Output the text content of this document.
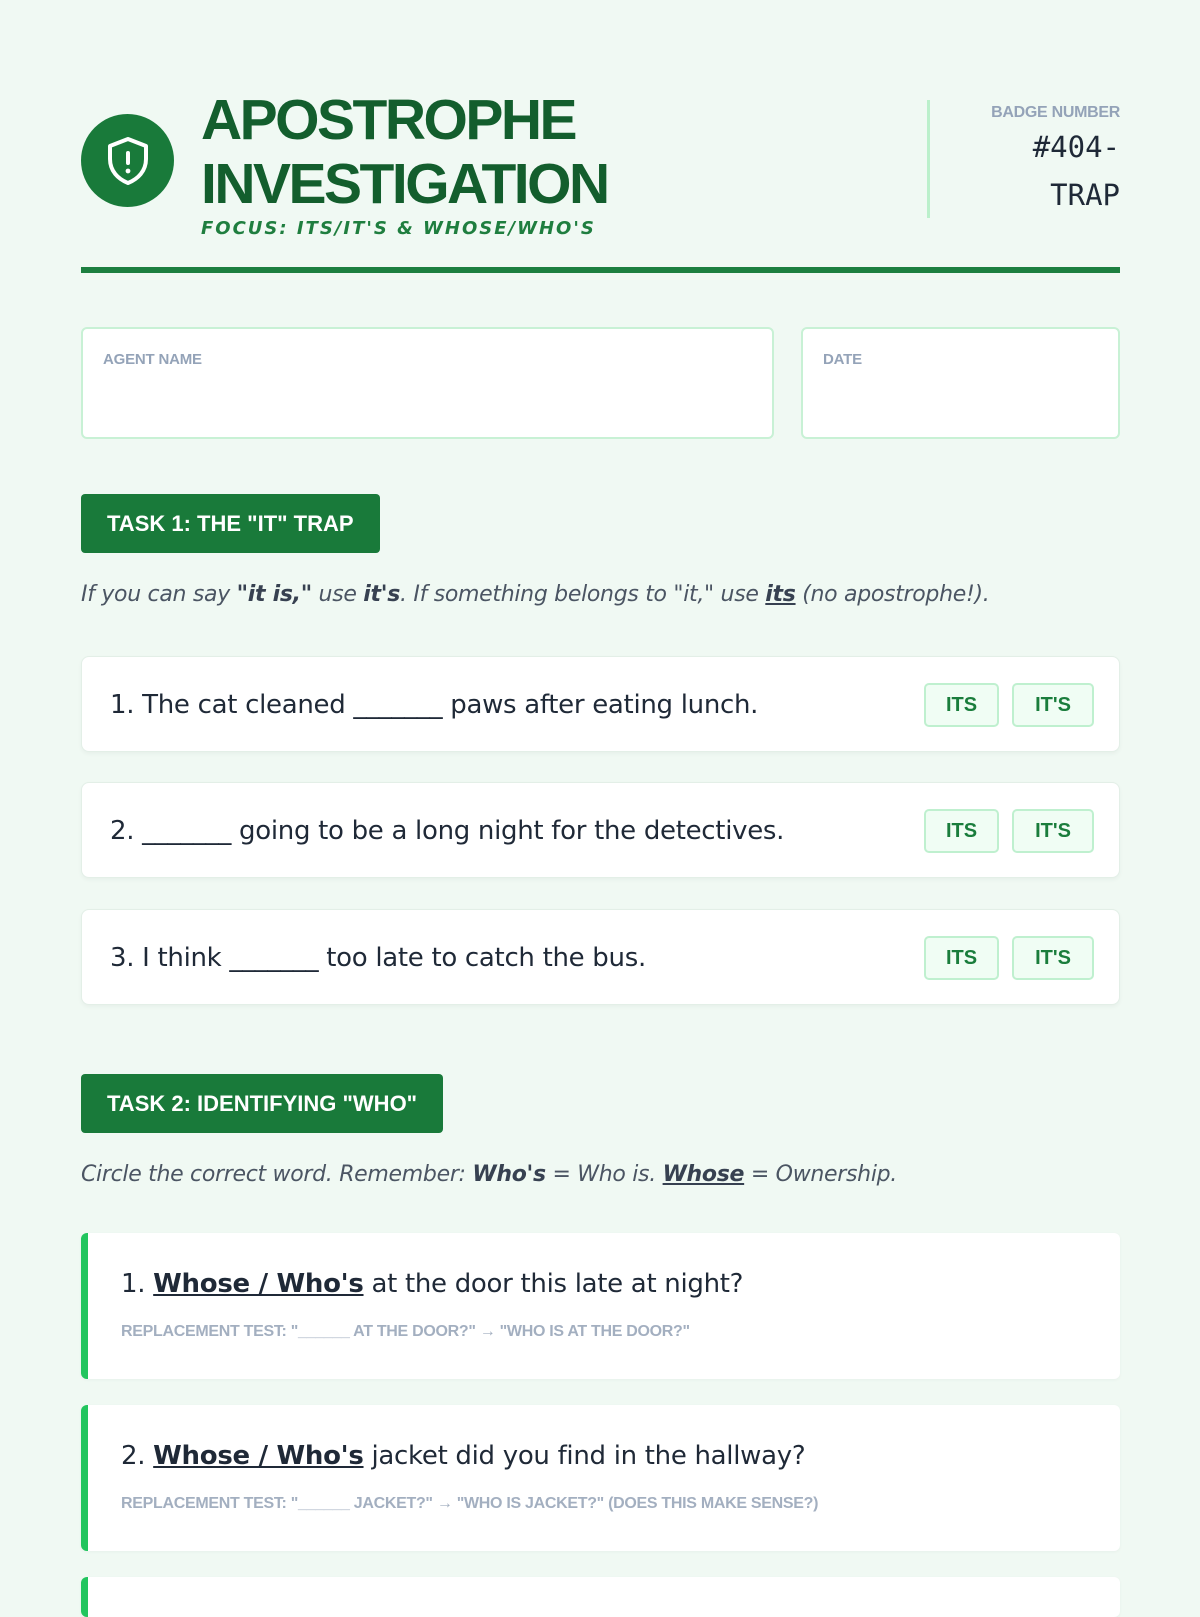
APOSTROPHE
INVESTIGATION
FOCUS: ITS/IT'S & WHOSE/WHO'S
BADGE NUMBER
#404-
TRAP
AGENT NAME	DATE
TASK 1: THE "IT" TRAP
If you can say "it is," use it's. If something belongs to "it," use its (no apostrophe!).
1. The cat cleaned _______ paws after eating lunch.	ITS	IT'S
2. _______ going to be a long night for the detectives.	ITS	IT'S
3. I think _______ too late to catch the bus.	ITS	IT'S
TASK 2: IDENTIFYING "WHO"
Circle the correct word. Remember: Who's = Who is. Whose = Ownership.
1. Whose / Who's at the door this late at night?
REPLACEMENT TEST: "______ AT THE DOOR?" → "WHO IS AT THE DOOR?"
2. Whose / Who's jacket did you find in the hallway?
REPLACEMENT TEST: "______ JACKET?" → "WHO IS JACKET?" (DOES THIS MAKE SENSE?)
